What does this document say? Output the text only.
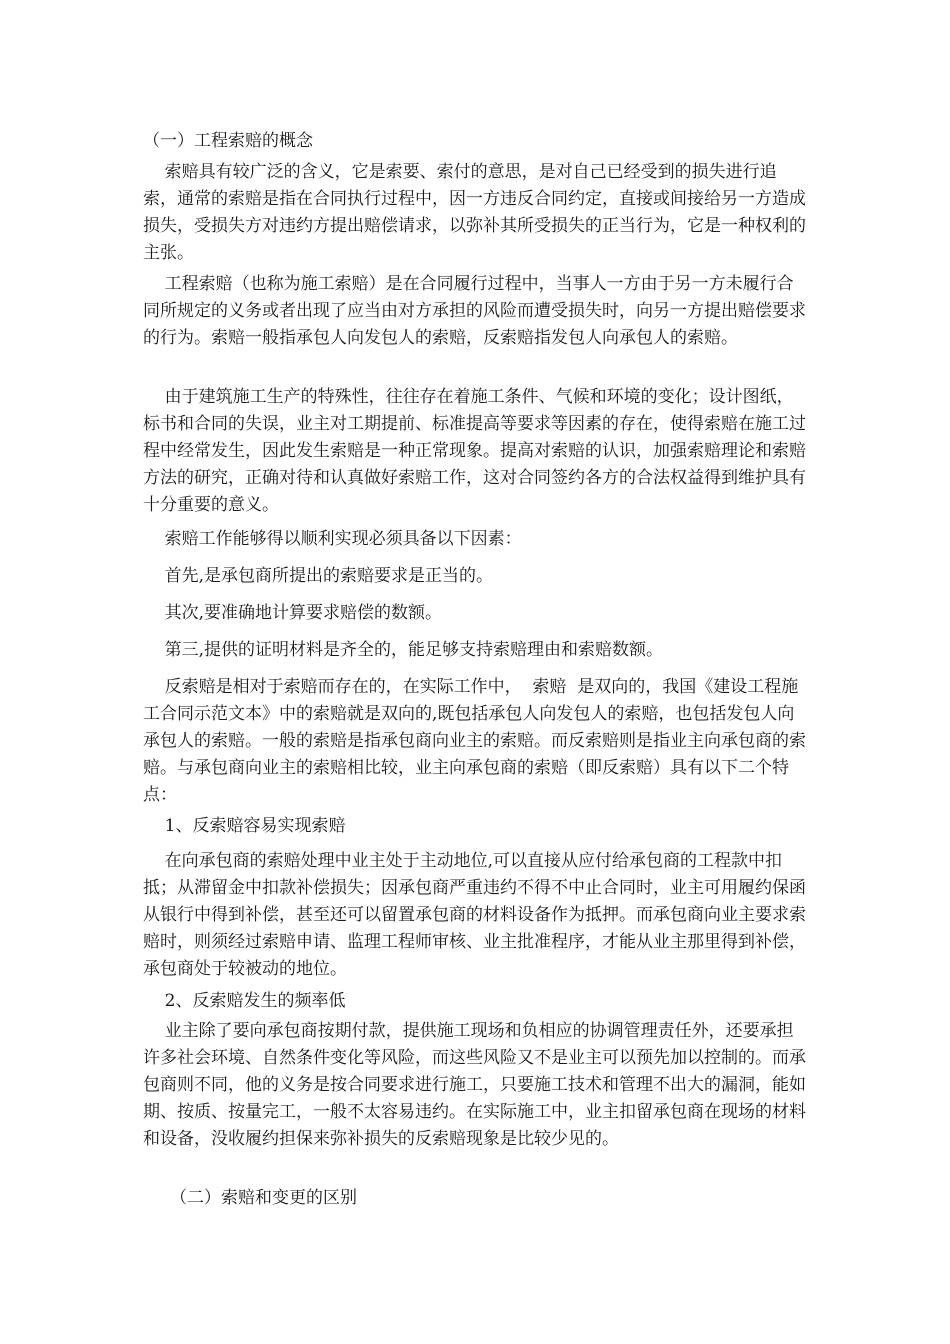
（一）工程索赔的概念

索赔具有较广泛的含义，它是索要、索付的意思，是对自己已经受到的损失进行追索，通常的索赔是指在合同执行过程中，因一方违反合同约定，直接或间接给另一方造成损失，受损失方对违约方提出赔偿请求，以弥补其所受损失的正当行为，它是一种权利的主张。

工程索赔（也称为施工索赔）是在合同履行过程中，当事人一方由于另一方未履行合同所规定的义务或者出现了应当由对方承担的风险而遭受损失时，向另一方提出赔偿要求的行为。索赔一般指承包人向发包人的索赔，反索赔指发包人向承包人的索赔。

由于建筑施工生产的特殊性，往往存在着施工条件、气候和环境的变化；设计图纸，标书和合同的失误，业主对工期提前、标准提高等要求等因素的存在，使得索赔在施工过程中经常发生，因此发生索赔是一种正常现象。提高对索赔的认识，加强索赔理论和索赔方法的研究，正确对待和认真做好索赔工作，这对合同签约各方的合法权益得到维护具有十分重要的意义。

索赔工作能够得以顺利实现必须具备以下因素：

首先,是承包商所提出的索赔要求是正当的。

其次,要准确地计算要求赔偿的数额。

第三,提供的证明材料是齐全的，能足够支持索赔理由和索赔数额。

反索赔是相对于索赔而存在的，在实际工作中，  索赔  是双向的，我国《建设工程施工合同示范文本》中的索赔就是双向的,既包括承包人向发包人的索赔，也包括发包人向承包人的索赔。一般的索赔是指承包商向业主的索赔。而反索赔则是指业主向承包商的索赔。与承包商向业主的索赔相比较，业主向承包商的索赔（即反索赔）具有以下二个特点：

1、反索赔容易实现索赔

在向承包商的索赔处理中业主处于主动地位,可以直接从应付给承包商的工程款中扣抵；从滞留金中扣款补偿损失；因承包商严重违约不得不中止合同时，业主可用履约保函从银行中得到补偿，甚至还可以留置承包商的材料设备作为抵押。而承包商向业主要求索赔时，则须经过索赔申请、监理工程师审核、业主批准程序，才能从业主那里得到补偿，承包商处于较被动的地位。

2、反索赔发生的频率低

业主除了要向承包商按期付款，提供施工现场和负相应的协调管理责任外，还要承担许多社会环境、自然条件变化等风险，而这些风险又不是业主可以预先加以控制的。而承包商则不同，他的义务是按合同要求进行施工，只要施工技术和管理不出大的漏洞，能如期、按质、按量完工，一般不太容易违约。在实际施工中，业主扣留承包商在现场的材料和设备，没收履约担保来弥补损失的反索赔现象是比较少见的。

（二）索赔和变更的区别
